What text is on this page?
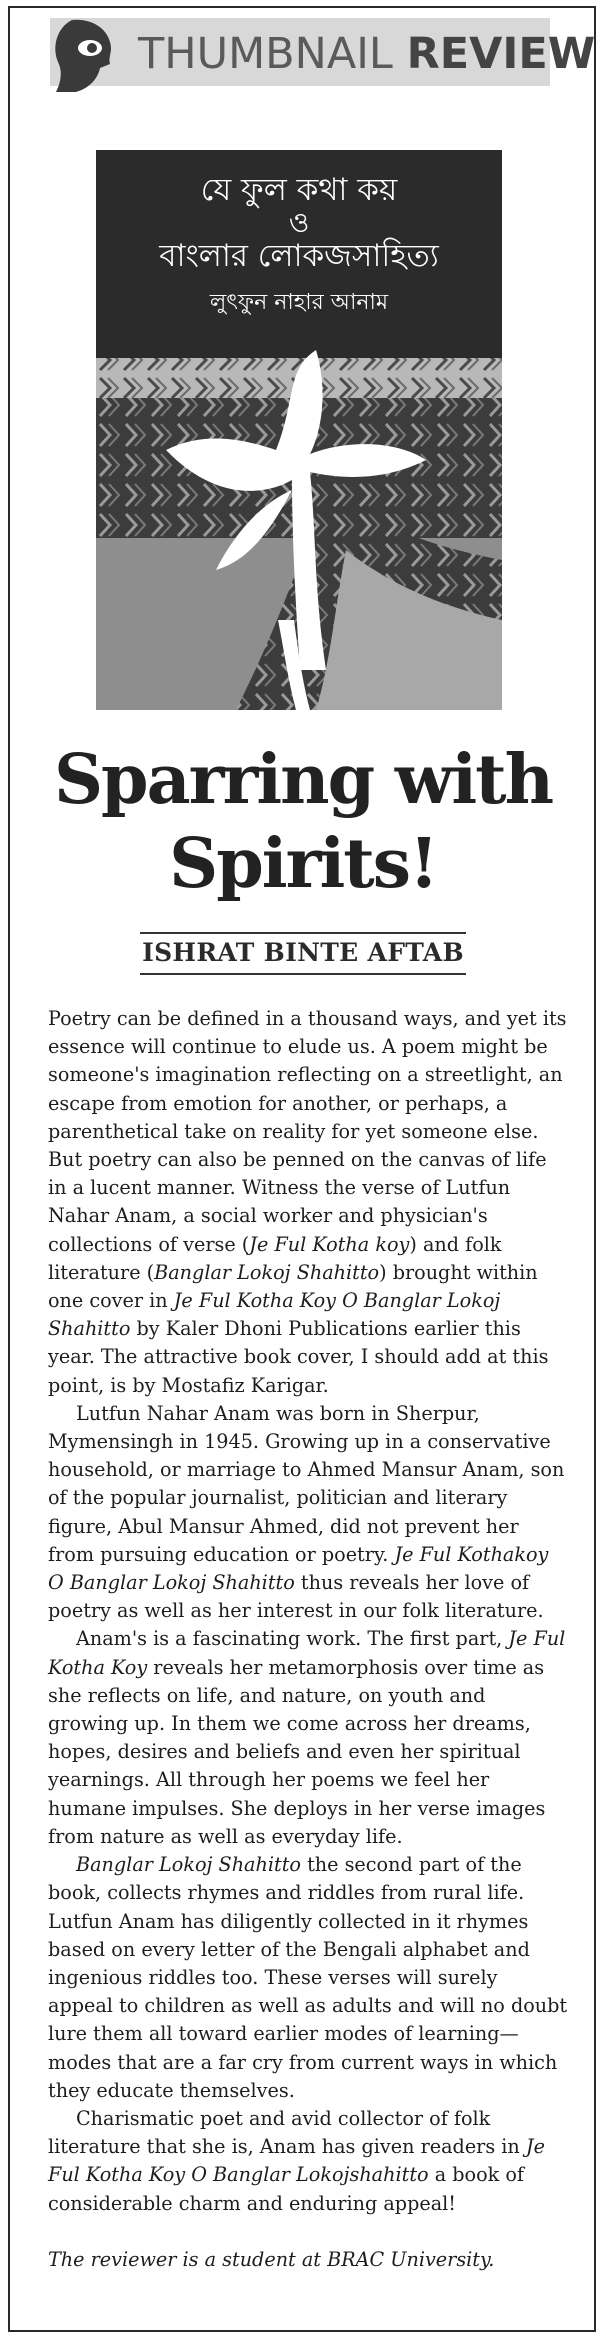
THUMBNAIL REVIEW
যে ফুল কথা কয়
ও
বাংলার লোকজসাহিত্য
লুৎফুন নাহার আনাম
Sparring with
Spirits!
ISHRAT BINTE AFTAB

Poetry can be defined in a thousand ways, and yet its essence will continue to elude us. A poem might be someone's imagination reflecting on a streetlight, an escape from emotion for another, or perhaps, a parenthetical take on reality for yet someone else. But poetry can also be penned on the canvas of life in a lucent manner. Witness the verse of Lutfun Nahar Anam, a social worker and physician's collections of verse (Je Ful Kotha koy) and folk literature (Banglar Lokoj Shahitto) brought within one cover in Je Ful Kotha Koy O Banglar Lokoj Shahitto by Kaler Dhoni Publications earlier this year. The attractive book cover, I should add at this point, is by Mostafiz Karigar.

Lutfun Nahar Anam was born in Sherpur, Mymensingh in 1945. Growing up in a conservative household, or marriage to Ahmed Mansur Anam, son of the popular journalist, politician and literary figure, Abul Mansur Ahmed, did not prevent her from pursuing education or poetry. Je Ful Kothakoy O Banglar Lokoj Shahitto thus reveals her love of poetry as well as her interest in our folk literature.

Anam's is a fascinating work. The first part, Je Ful Kotha Koy reveals her metamorphosis over time as she reflects on life, and nature, on youth and growing up. In them we come across her dreams, hopes, desires and beliefs and even her spiritual yearnings. All through her poems we feel her humane impulses. She deploys in her verse images from nature as well as everyday life.

Banglar Lokoj Shahitto the second part of the book, collects rhymes and riddles from rural life. Lutfun Anam has diligently collected in it rhymes based on every letter of the Bengali alphabet and ingenious riddles too. These verses will surely appeal to children as well as adults and will no doubt lure them all toward earlier modes of learning—modes that are a far cry from current ways in which they educate themselves.

Charismatic poet and avid collector of folk literature that she is, Anam has given readers in Je Ful Kotha Koy O Banglar Lokojshahitto a book of considerable charm and enduring appeal!

The reviewer is a student at BRAC University.
